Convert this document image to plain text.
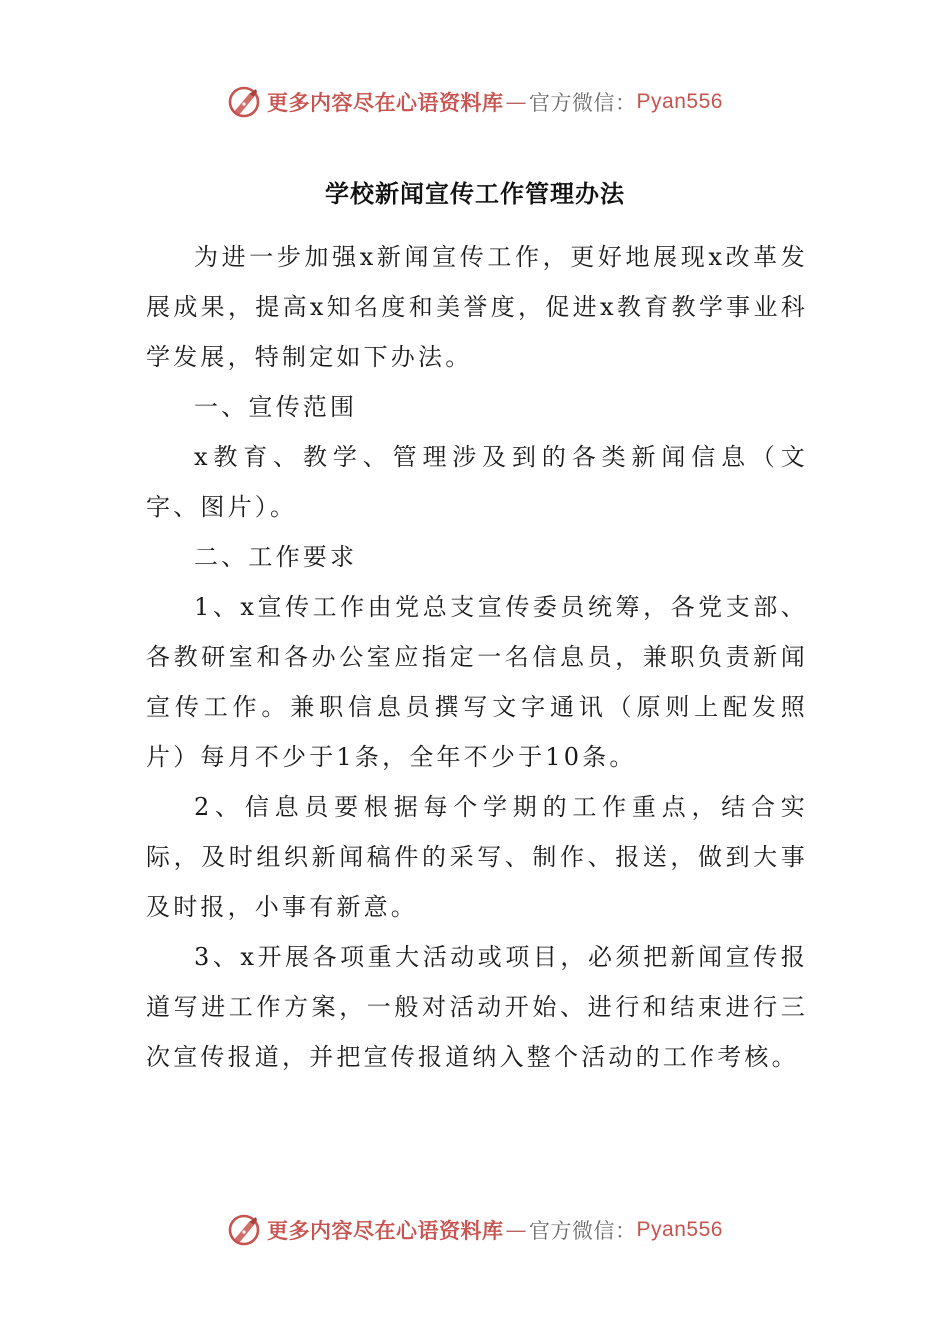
更多内容尽在心语资料库 — 官方微信： Pyan556
学校新闻宣传工作管理办法

为进一步加强x新闻宣传工作，更好地展现x改革发展成果，提高x知名度和美誉度，促进x教育教学事业科学发展，特制定如下办法。

一、宣传范围

x教育、教学、管理涉及到的各类新闻信息（文字、图片）。

二、工作要求

1、x宣传工作由党总支宣传委员统筹，各党支部、各教研室和各办公室应指定一名信息员，兼职负责新闻宣传工作。兼职信息员撰写文字通讯（原则上配发照片）每月不少于1条，全年不少于10条。

2、信息员要根据每个学期的工作重点，结合实际，及时组织新闻稿件的采写、制作、报送，做到大事及时报，小事有新意。

3、x开展各项重大活动或项目，必须把新闻宣传报道写进工作方案，一般对活动开始、进行和结束进行三次宣传报道，并把宣传报道纳入整个活动的工作考核。

更多内容尽在心语资料库 — 官方微信： Pyan556
